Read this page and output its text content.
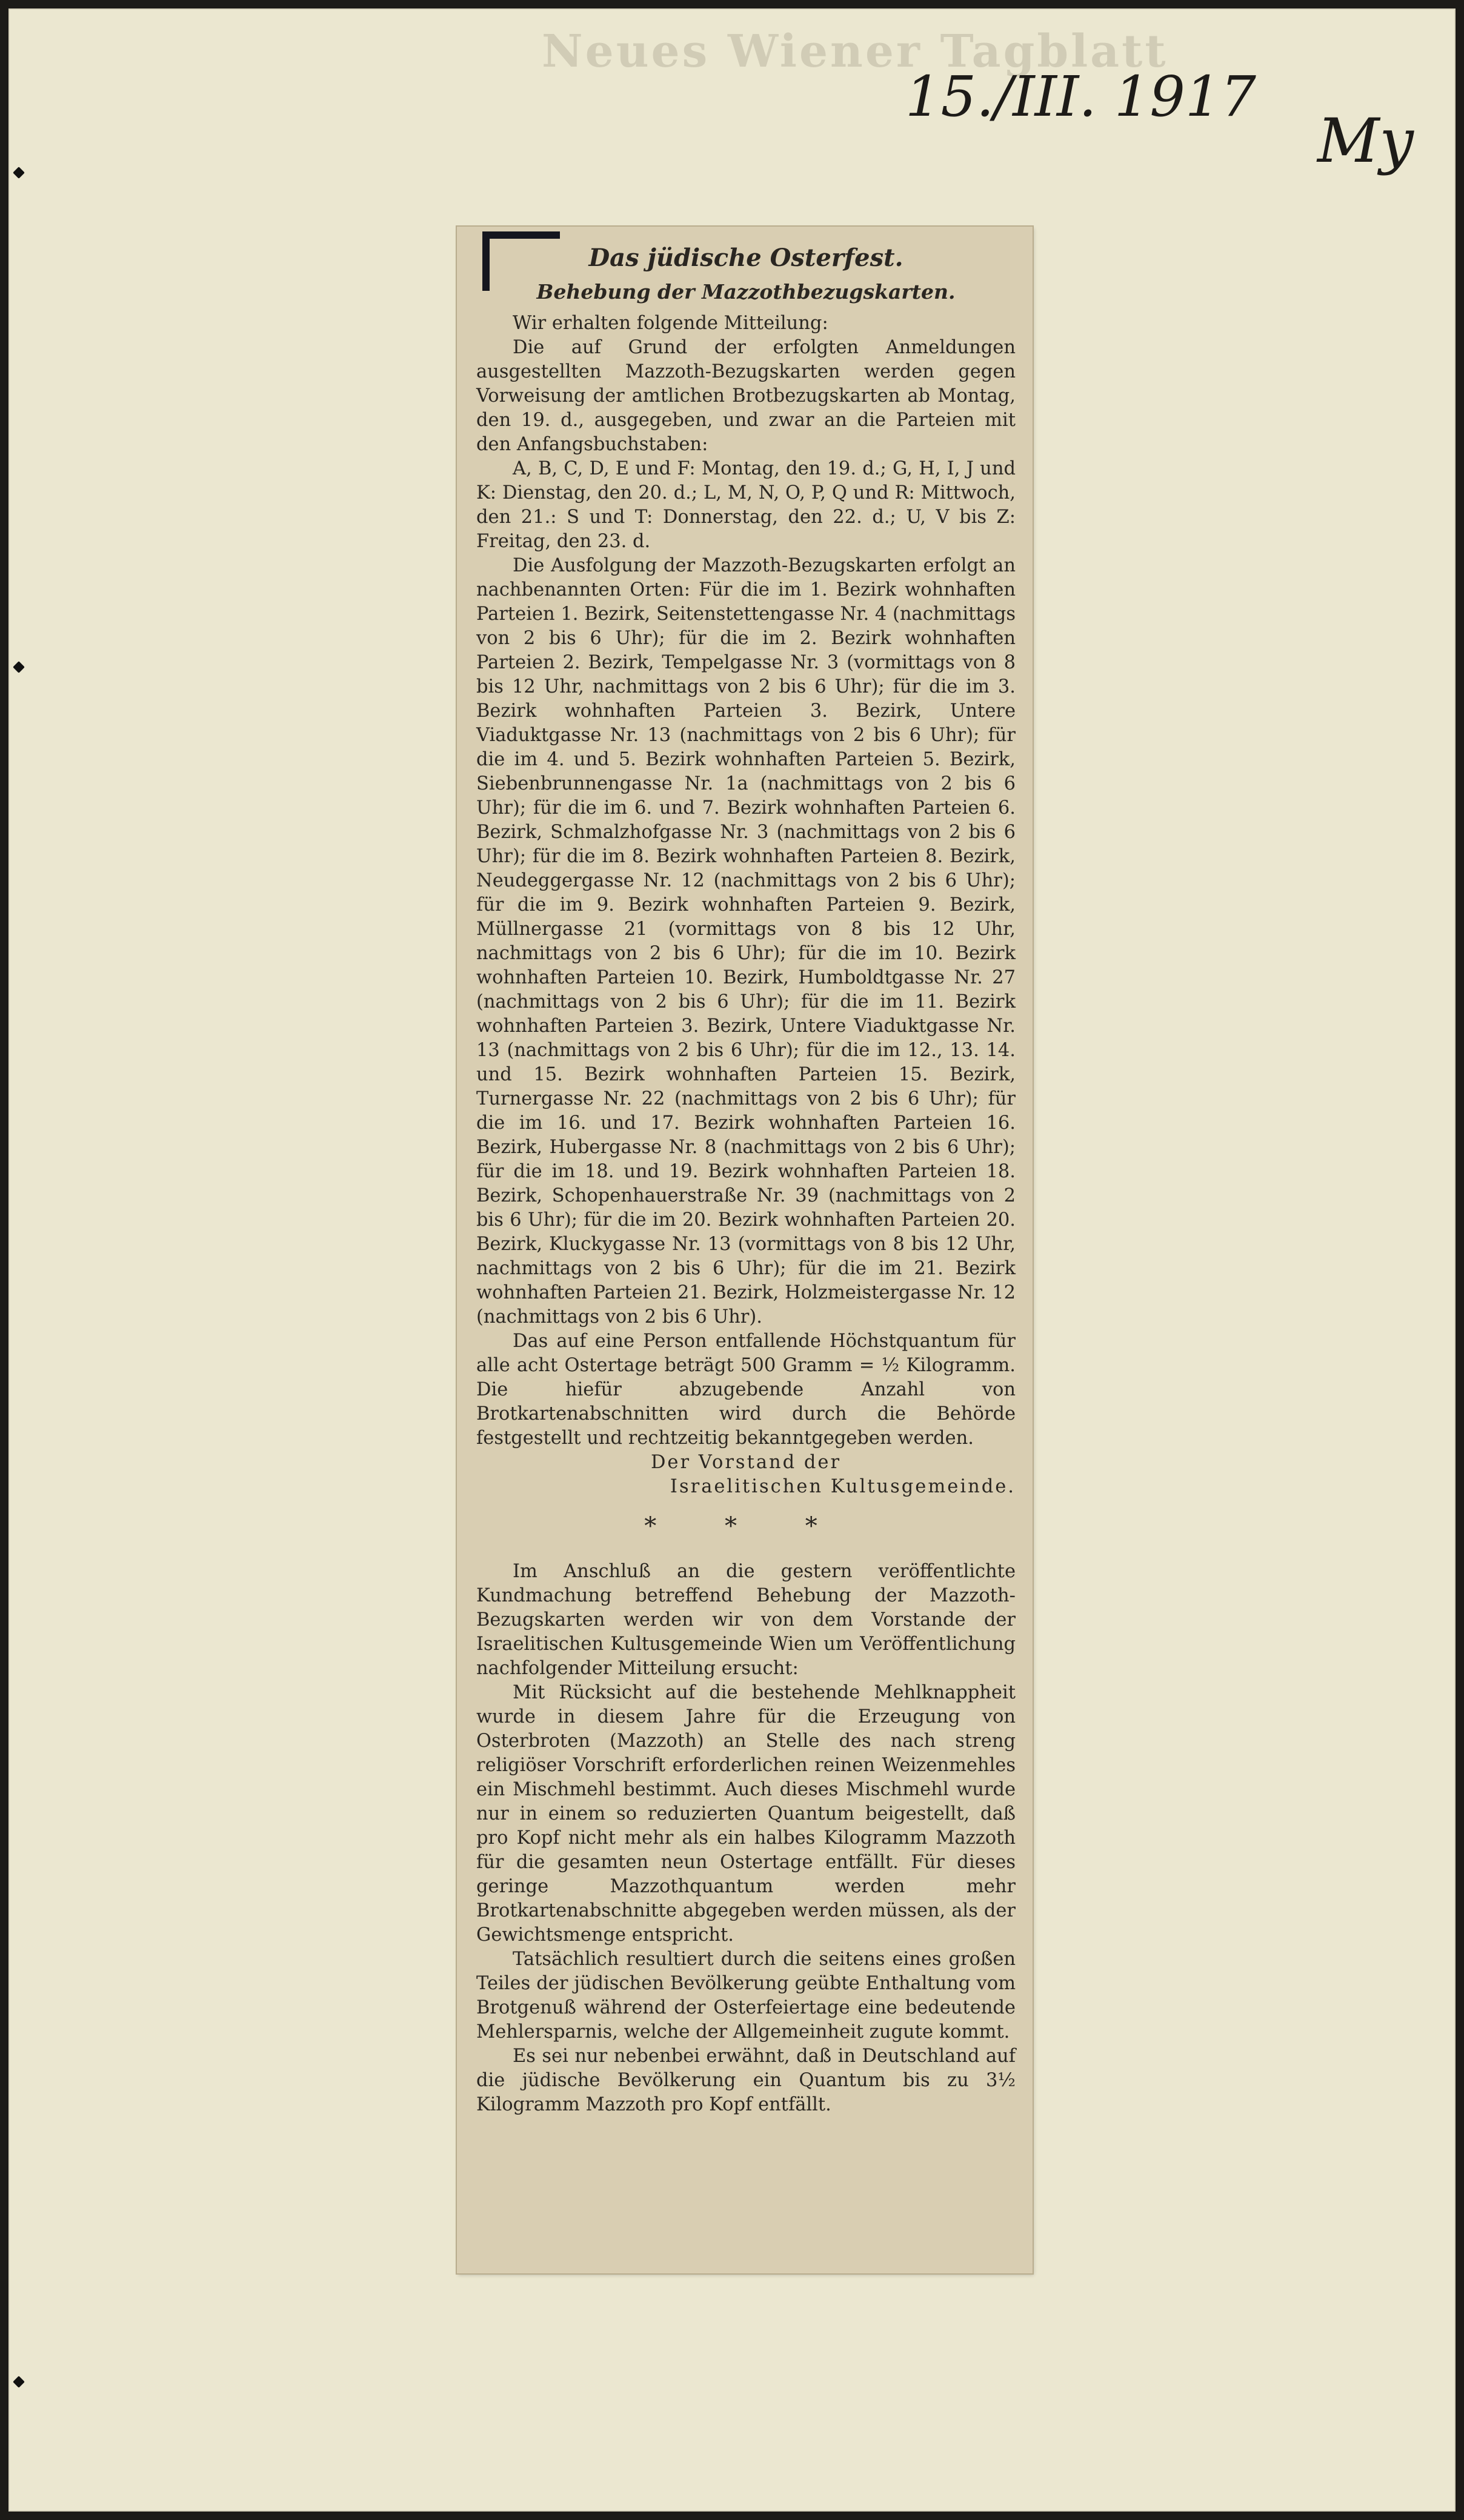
Neues Wiener Tagblatt
15./III. 1917
My

Das jüdische Osterfest.

Behebung der Mazzothbezugskarten.

Wir erhalten folgende Mitteilung:

Die auf Grund der erfolgten Anmeldungen ausgestellten Mazzoth-Bezugskarten werden gegen Vorweisung der amtlichen Brotbezugskarten ab Montag, den 19. d., ausgegeben, und zwar an die Parteien mit den Anfangsbuchstaben:

A, B, C, D, E und F: Montag, den 19. d.; G, H, I, J und K: Dienstag, den 20. d.; L, M, N, O, P, Q und R: Mittwoch, den 21.: S und T: Donnerstag, den 22. d.; U, V bis Z: Freitag, den 23. d.

Die Ausfolgung der Mazzoth-Bezugskarten erfolgt an nachbenannten Orten: Für die im 1. Bezirk wohnhaften Parteien 1. Bezirk, Seitenstettengasse Nr. 4 (nachmittags von 2 bis 6 Uhr); für die im 2. Bezirk wohnhaften Parteien 2. Bezirk, Tempelgasse Nr. 3 (vormittags von 8 bis 12 Uhr, nachmittags von 2 bis 6 Uhr); für die im 3. Bezirk wohnhaften Parteien 3. Bezirk, Untere Viaduktgasse Nr. 13 (nachmittags von 2 bis 6 Uhr); für die im 4. und 5. Bezirk wohnhaften Parteien 5. Bezirk, Siebenbrunnengasse Nr. 1a (nachmittags von 2 bis 6 Uhr); für die im 6. und 7. Bezirk wohnhaften Parteien 6. Bezirk, Schmalzhofgasse Nr. 3 (nachmittags von 2 bis 6 Uhr); für die im 8. Bezirk wohnhaften Parteien 8. Bezirk, Neudeggergasse Nr. 12 (nachmittags von 2 bis 6 Uhr); für die im 9. Bezirk wohnhaften Parteien 9. Bezirk, Müllnergasse 21 (vormittags von 8 bis 12 Uhr, nachmittags von 2 bis 6 Uhr); für die im 10. Bezirk wohnhaften Parteien 10. Bezirk, Humboldtgasse Nr. 27 (nachmittags von 2 bis 6 Uhr); für die im 11. Bezirk wohnhaften Parteien 3. Bezirk, Untere Viaduktgasse Nr. 13 (nachmittags von 2 bis 6 Uhr); für die im 12., 13. 14. und 15. Bezirk wohnhaften Parteien 15. Bezirk, Turnergasse Nr. 22 (nachmittags von 2 bis 6 Uhr); für die im 16. und 17. Bezirk wohnhaften Parteien 16. Bezirk, Hubergasse Nr. 8 (nachmittags von 2 bis 6 Uhr); für die im 18. und 19. Bezirk wohnhaften Parteien 18. Bezirk, Schopenhauerstraße Nr. 39 (nachmittags von 2 bis 6 Uhr); für die im 20. Bezirk wohnhaften Parteien 20. Bezirk, Kluckygasse Nr. 13 (vormittags von 8 bis 12 Uhr, nachmittags von 2 bis 6 Uhr); für die im 21. Bezirk wohnhaften Parteien 21. Bezirk, Holzmeistergasse Nr. 12 (nachmittags von 2 bis 6 Uhr).

Das auf eine Person entfallende Höchstquantum für alle acht Ostertage beträgt 500 Gramm = ½ Kilogramm. Die hiefür abzugebende Anzahl von Brotkartenabschnitten wird durch die Behörde festgestellt und rechtzeitig bekanntgegeben werden.

Der Vorstand der

Israelitischen Kultusgemeinde.

* * *

Im Anschluß an die gestern veröffentlichte Kundmachung betreffend Behebung der Mazzoth-Bezugskarten werden wir von dem Vorstande der Israelitischen Kultusgemeinde Wien um Veröffentlichung nachfolgender Mitteilung ersucht:

Mit Rücksicht auf die bestehende Mehlknappheit wurde in diesem Jahre für die Erzeugung von Osterbroten (Mazzoth) an Stelle des nach streng religiöser Vorschrift erforderlichen reinen Weizenmehles ein Mischmehl bestimmt. Auch dieses Mischmehl wurde nur in einem so reduzierten Quantum beigestellt, daß pro Kopf nicht mehr als ein halbes Kilogramm Mazzoth für die gesamten neun Ostertage entfällt. Für dieses geringe Mazzothquantum werden mehr Brotkartenabschnitte abgegeben werden müssen, als der Gewichtsmenge entspricht.

Tatsächlich resultiert durch die seitens eines großen Teiles der jüdischen Bevölkerung geübte Enthaltung vom Brotgenuß während der Osterfeiertage eine bedeutende Mehlersparnis, welche der Allgemeinheit zugute kommt.

Es sei nur nebenbei erwähnt, daß in Deutschland auf die jüdische Bevölkerung ein Quantum bis zu 3½ Kilogramm Mazzoth pro Kopf entfällt.
